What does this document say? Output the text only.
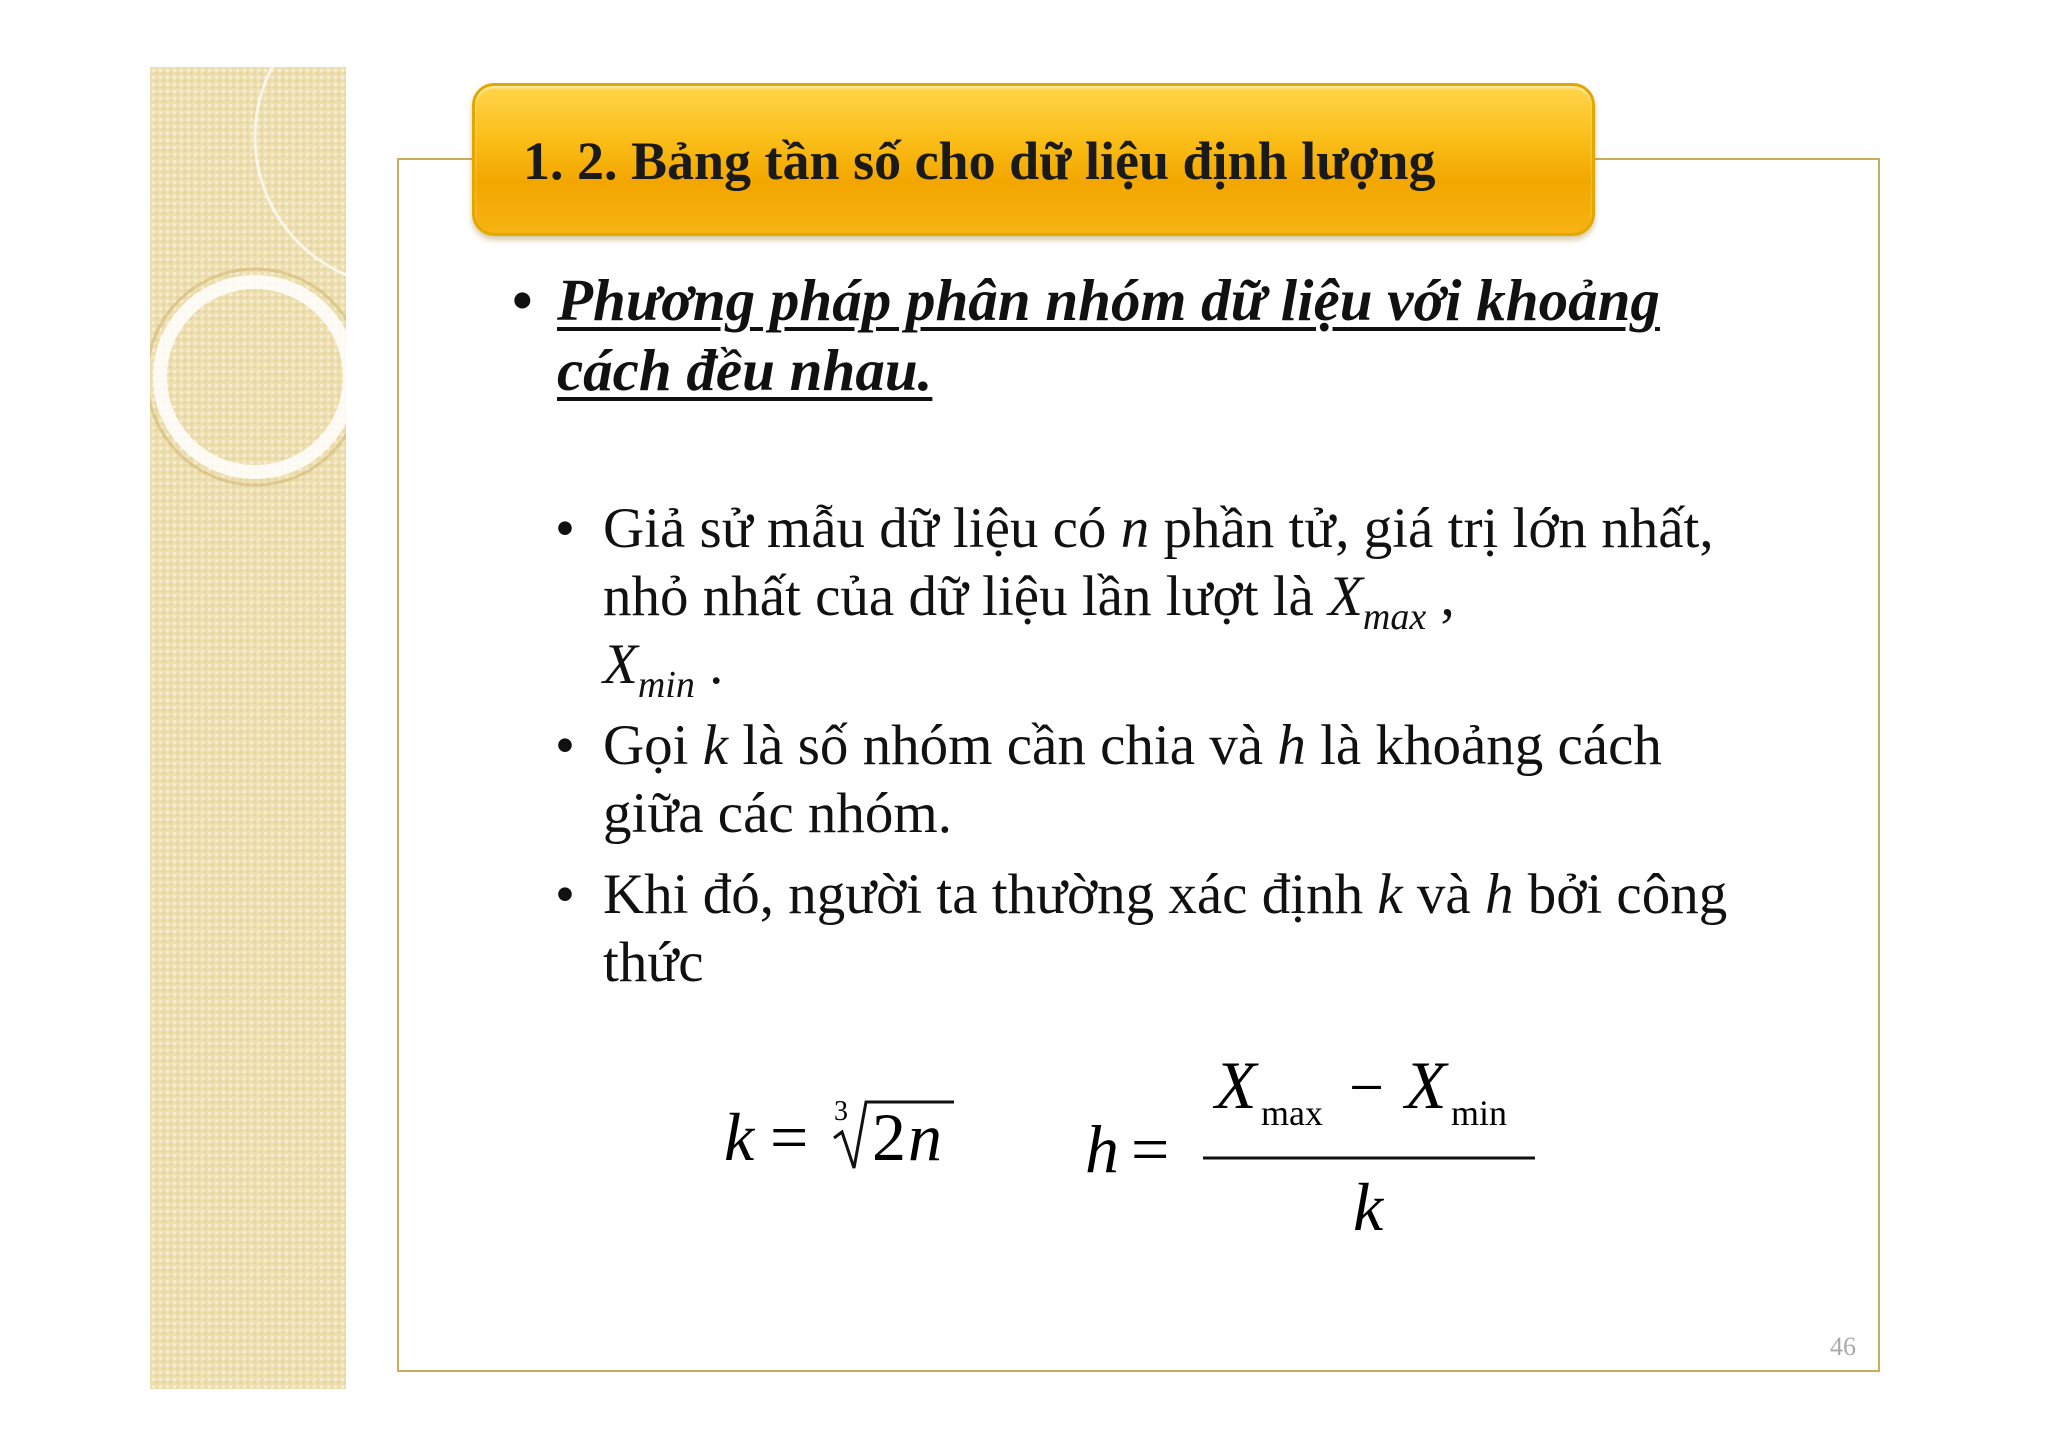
1. 2. Bảng tần số cho dữ liệu định lượng
• Phương pháp phân nhóm dữ liệu với khoảng cách đều nhau.
• Giả sử mẫu dữ liệu có n phần tử, giá trị lớn nhất, nhỏ nhất của dữ liệu lần lượt là $X_{max}$ ,
$X_{min}$ .
• Gọi k là số nhóm cần chia và h là khoảng cách giữa các nhóm.
• Khi đó, người ta thường xác định k và h bởi công thức
k = 3 2 n h =
X max − X min
k
46
